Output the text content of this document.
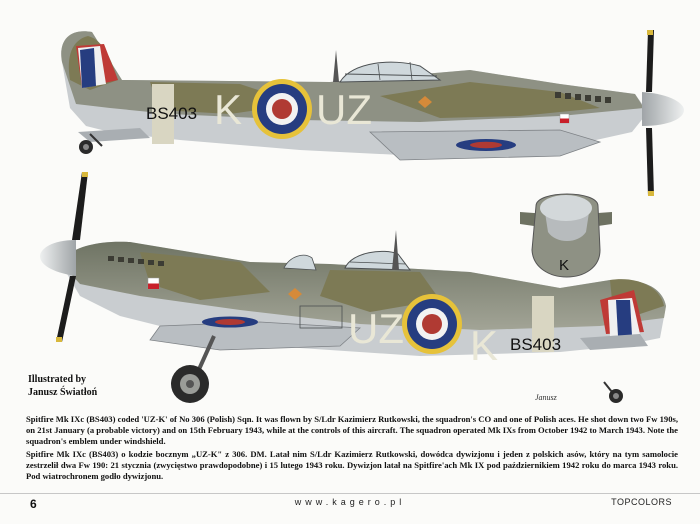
K UZ
BS403
K
UZ K BS403
Janusz
Illustrated by
Janusz Światłoń
Spitfire Mk IXc (BS403) coded 'UZ-K' of No 306 (Polish) Sqn. It was flown by S/Ldr Kazimierz Rutkowski, the squadron's CO and one of Polish aces. He shot down two Fw 190s, on 21st January (a probable victory) and on 15th February 1943, while at the controls of this aircraft. The squadron operated Mk IXs from October 1942 to March 1943. Note the squadron's emblem under windshield.
Spitfire Mk IXc (BS403) o kodzie bocznym „UZ-K" z 306. DM. Latał nim S/Ldr Kazimierz Rutkowski, dowódca dywizjonu i jeden z polskich asów, który na tym samolocie zestrzelił dwa Fw 190: 21 stycznia (zwycięstwo prawdopodobne) i 15 lutego 1943 roku. Dywizjon latał na Spitfire'ach Mk IX pod październikiem 1942 roku do marca 1943 roku. Pod wiatrochronem godło dywizjonu.
6	www.kagero.pl	TOPCOLORS
